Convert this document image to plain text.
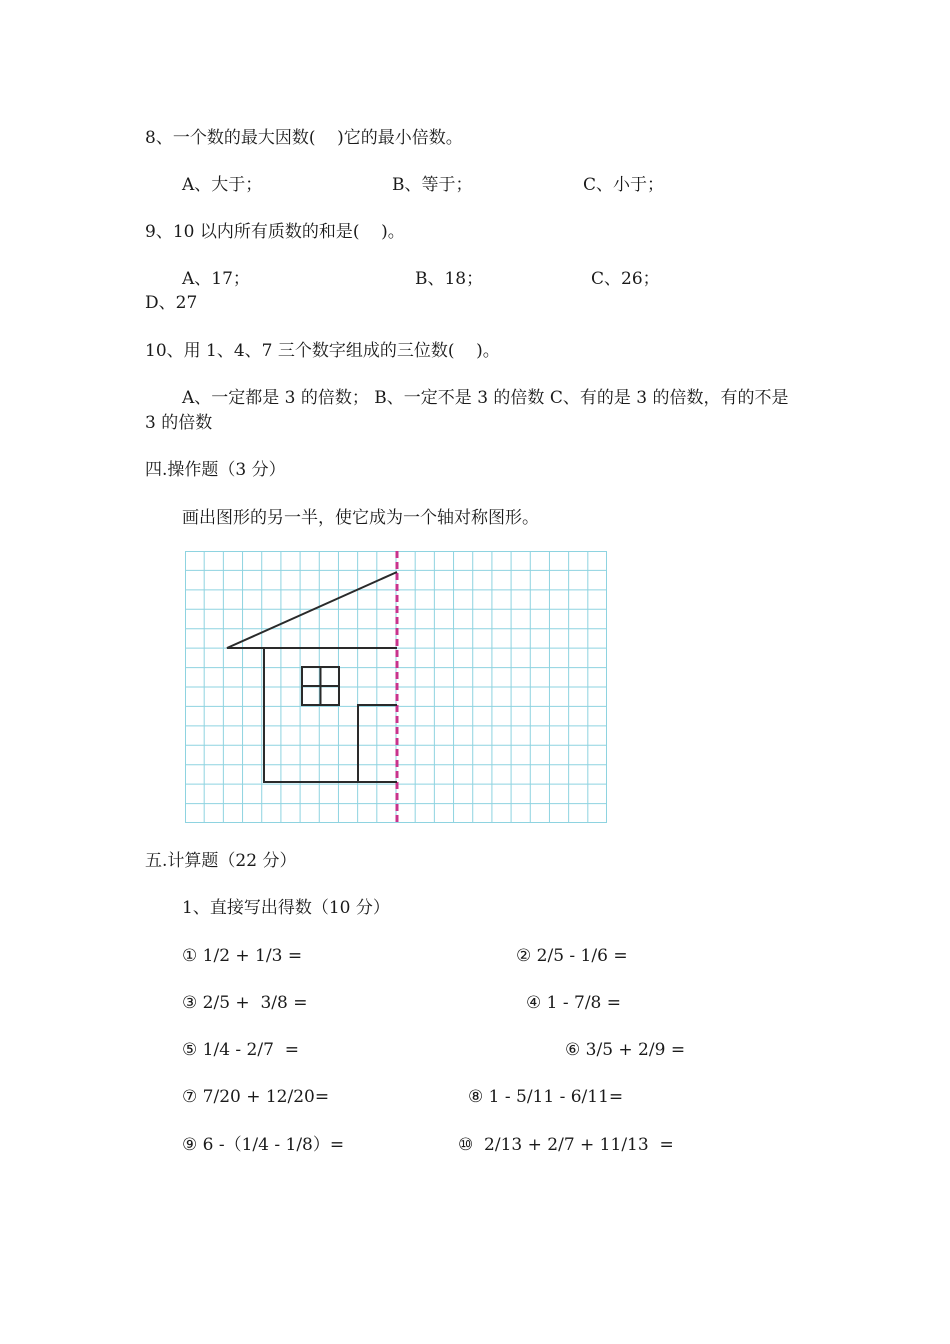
8、一个数的最大因数(    )它的最小倍数。
A、大于；	B、等于；	C、小于；
9、10 以内所有质数的和是(    )。
A、17；	B、18；	C、26；
D、27
10、用 1、4、7 三个数字组成的三位数(    )。
A、一定都是 3 的倍数； B、一定不是 3 的倍数 C、有的是 3 的倍数，有的不是
3 的倍数
四.操作题（3 分）
画出图形的另一半，使它成为一个轴对称图形。
五.计算题（22 分）
1、直接写出得数（10 分）
① 1/2 + 1/3 =	② 2/5 - 1/6 =
③ 2/5 +  3/8 =	④ 1 - 7/8 =
⑤ 1/4 - 2/7  =	⑥ 3/5 + 2/9 =
⑦ 7/20 + 12/20=	⑧ 1 - 5/11 - 6/11=
⑨ 6 -（1/4 - 1/8）=	⑩  2/13 + 2/7 + 11/13  =
